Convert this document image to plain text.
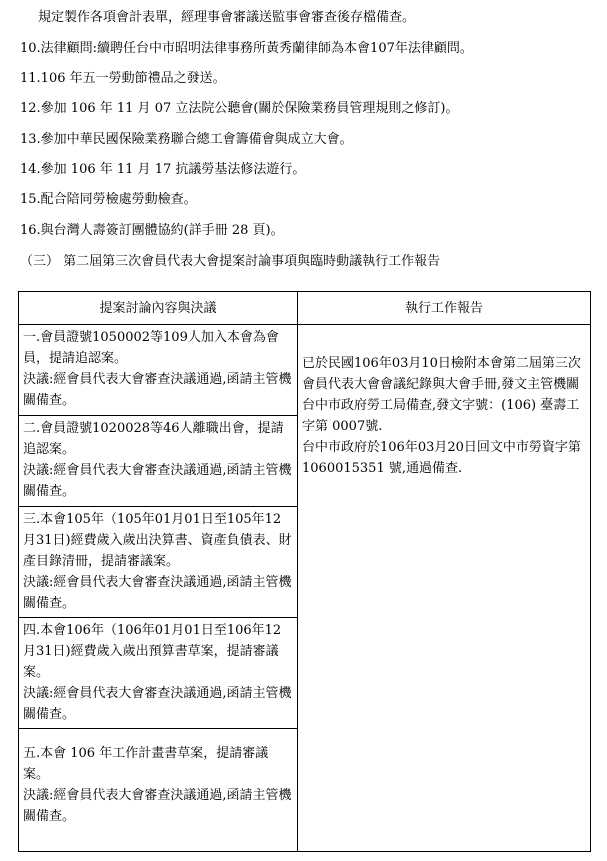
規定製作各項會計表單，經理事會審議送監事會審查後存檔備查。
10.法律顧問:續聘任台中市昭明法律事務所黃秀蘭律師為本會107年法律顧問。
11.106 年五一勞動節禮品之發送。
12.參加 106 年 11 月 07 立法院公聽會(關於保險業務員管理規則之修訂)。
13.參加中華民國保險業務聯合總工會籌備會與成立大會。
14.參加 106 年 11 月 17 抗議勞基法修法遊行。
15.配合陪同勞檢處勞動檢查。
16.與台灣人壽簽訂團體協約(詳手冊 28 頁)。
（三） 第二屆第三次會員代表大會提案討論事項與臨時動議執行工作報告
提案討論內容與決議	執行工作報告

一.會員證號1050002等109人加入本會為會員，提請追認案。
決議:經會員代表大會審查決議通過,函請主管機關備查。	已於民國106年03月10日檢附本會第二屆第三次會員代表大會會議紀錄與大會手冊,發文主管機關台中市政府勞工局備查,發文字號：(106) 臺壽工字第 0007號.
台中市政府於106年03月20日回文中市勞資字第 1060015351 號,通過備查.

二.會員證號1020028等46人離職出會，提請追認案。
決議:經會員代表大會審查決議通過,函請主管機關備查。	

三.本會105年（105年01月01日至105年12月31日)經費歲入歲出決算書、資產負債表、財產目錄清冊，提請審議案。
決議:經會員代表大會審查決議通過,函請主管機關備查。	

四.本會106年（106年01月01日至106年12月31日)經費歲入歲出預算書草案，提請審議案。
決議:經會員代表大會審查決議通過,函請主管機關備查。	

五.本會 106 年工作計畫書草案，提請審議案。
決議:經會員代表大會審查決議通過,函請主管機關備查。	
